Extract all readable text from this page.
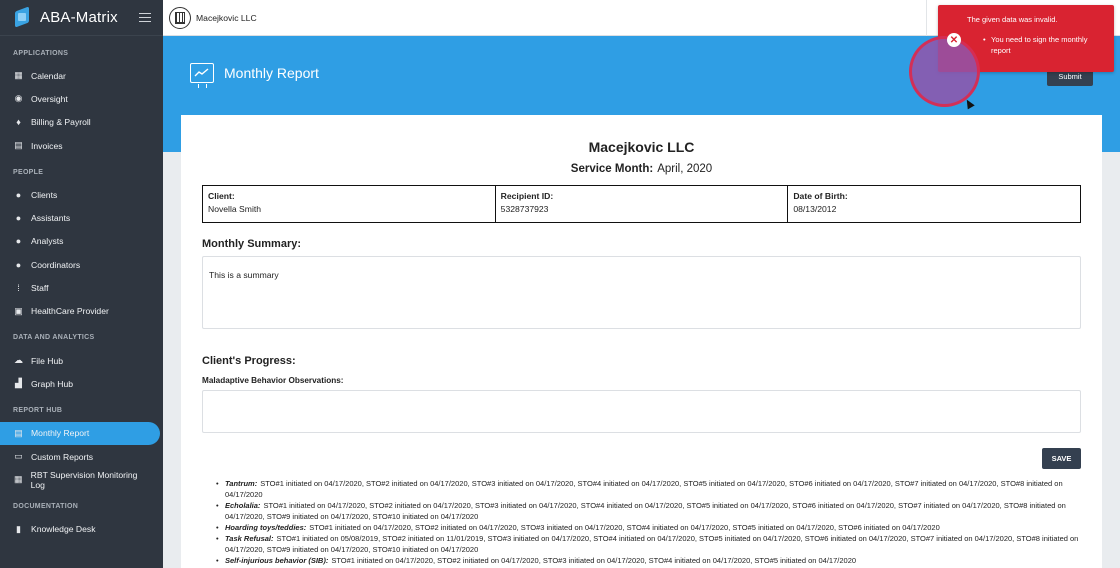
ABA-Matrix
APPLICATIONS
▦ Calendar
◉ Oversight
♦ Billing & Payroll
▤ Invoices
PEOPLE
● Clients
● Assistants
● Analysts
● Coordinators
⁞	Staff
▣ HealthCare Provider
DATA AND ANALYTICS
☁ File Hub
▟ Graph Hub
REPORT HUB
▤ Monthly Report
▭ Custom Reports
▦ RBT Supervision Monitoring Log
DOCUMENTATION
▮ Knowledge Desk
Macejkovic LLC
Monthly Report	Submit
Macejkovic LLC
Service Month: April, 2020
Client:
Novella Smith
Recipient ID:
5328737923
Date of Birth:
08/13/2012
Monthly Summary:
This is a summary
Client's Progress:
Maladaptive Behavior Observations:
SAVE
• Tantrum: STO#1 initiated on 04/17/2020, STO#2 initiated on 04/17/2020, STO#3 initiated on 04/17/2020, STO#4 initiated on 04/17/2020, STO#5 initiated on 04/17/2020, STO#6 initiated on 04/17/2020, STO#7 initiated on 04/17/2020, STO#8 initiated on 04/17/2020
• Echolalia: STO#1 initiated on 04/17/2020, STO#2 initiated on 04/17/2020, STO#3 initiated on 04/17/2020, STO#4 initiated on 04/17/2020, STO#5 initiated on 04/17/2020, STO#6 initiated on 04/17/2020, STO#7 initiated on 04/17/2020, STO#8 initiated on 04/17/2020, STO#9 initiated on 04/17/2020, STO#10 initiated on 04/17/2020
• Hoarding toys/teddies: STO#1 initiated on 04/17/2020, STO#2 initiated on 04/17/2020, STO#3 initiated on 04/17/2020, STO#4 initiated on 04/17/2020, STO#5 initiated on 04/17/2020, STO#6 initiated on 04/17/2020
• Task Refusal: STO#1 initiated on 05/08/2019, STO#2 initiated on 11/01/2019, STO#3 initiated on 04/17/2020, STO#4 initiated on 04/17/2020, STO#5 initiated on 04/17/2020, STO#6 initiated on 04/17/2020, STO#7 initiated on 04/17/2020, STO#8 initiated on 04/17/2020, STO#9 initiated on 04/17/2020, STO#10 initiated on 04/17/2020
• Self-injurious behavior (SIB): STO#1 initiated on 04/17/2020, STO#2 initiated on 04/17/2020, STO#3 initiated on 04/17/2020, STO#4 initiated on 04/17/2020, STO#5 initiated on 04/17/2020
The given data was invalid.
• You need to sign the monthly report
✕
